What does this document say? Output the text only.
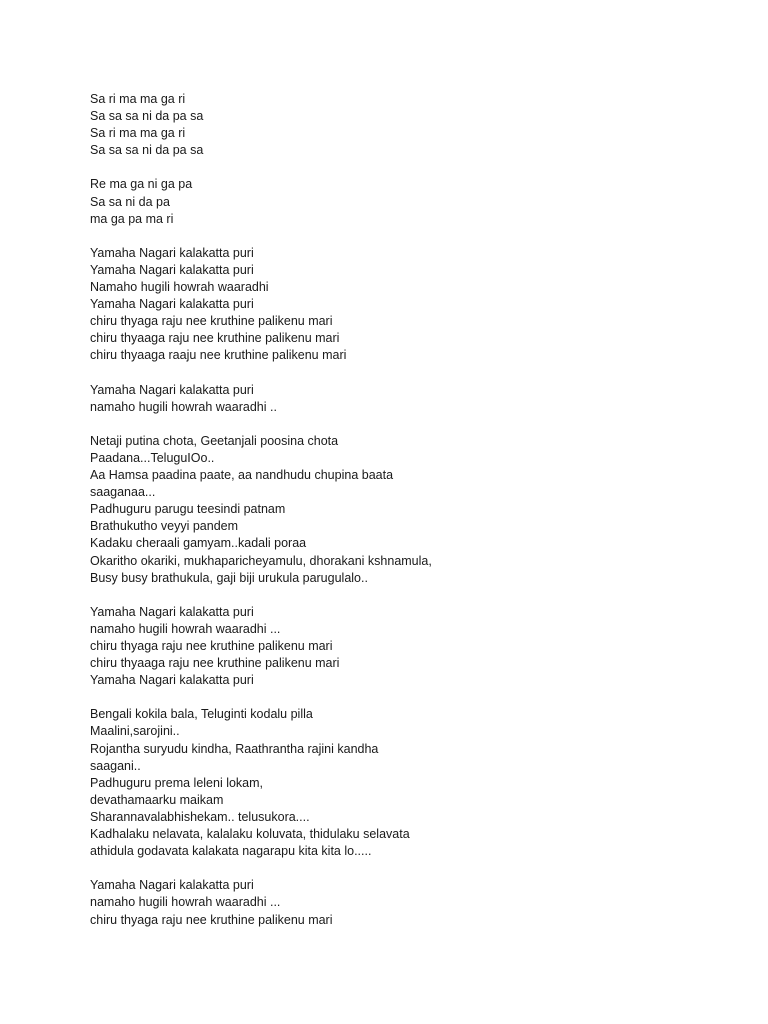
Sa ri ma ma ga ri
Sa sa sa ni da pa sa
Sa ri ma ma ga ri
Sa sa sa ni da pa sa
Re ma ga ni ga pa
Sa sa ni da pa
ma ga pa ma ri
Yamaha Nagari kalakatta puri
Yamaha Nagari kalakatta puri
Namaho hugili howrah waaradhi
Yamaha Nagari kalakatta puri
chiru thyaga raju nee kruthine palikenu mari
chiru thyaaga raju nee kruthine palikenu mari
chiru thyaaga raaju nee kruthine palikenu mari
Yamaha Nagari kalakatta puri
namaho hugili howrah waaradhi ..
Netaji putina chota, Geetanjali poosina chota
Paadana...TeluguIOo..
Aa Hamsa paadina paate, aa nandhudu chupina baata
saaganaa...
Padhuguru parugu teesindi patnam
Brathukutho veyyi pandem
Kadaku cheraali gamyam..kadali poraa
Okaritho okariki, mukhaparicheyamulu, dhorakani kshnamula,
Busy busy brathukula, gaji biji urukula parugulalo..
Yamaha Nagari kalakatta puri
namaho hugili howrah waaradhi ...
chiru thyaga raju nee kruthine palikenu mari
chiru thyaaga raju nee kruthine palikenu mari
Yamaha Nagari kalakatta puri
Bengali kokila bala, Teluginti kodalu pilla
Maalini,sarojini..
Rojantha suryudu kindha, Raathrantha rajini kandha
saagani..
Padhuguru prema leleni lokam,
devathamaarku maikam
Sharannavalabhishekam.. telusukora....
Kadhalaku nelavata, kalalaku koluvata, thidulaku selavata
athidula godavata kalakata nagarapu kita kita lo.....
Yamaha Nagari kalakatta puri
namaho hugili howrah waaradhi ...
chiru thyaga raju nee kruthine palikenu mari
